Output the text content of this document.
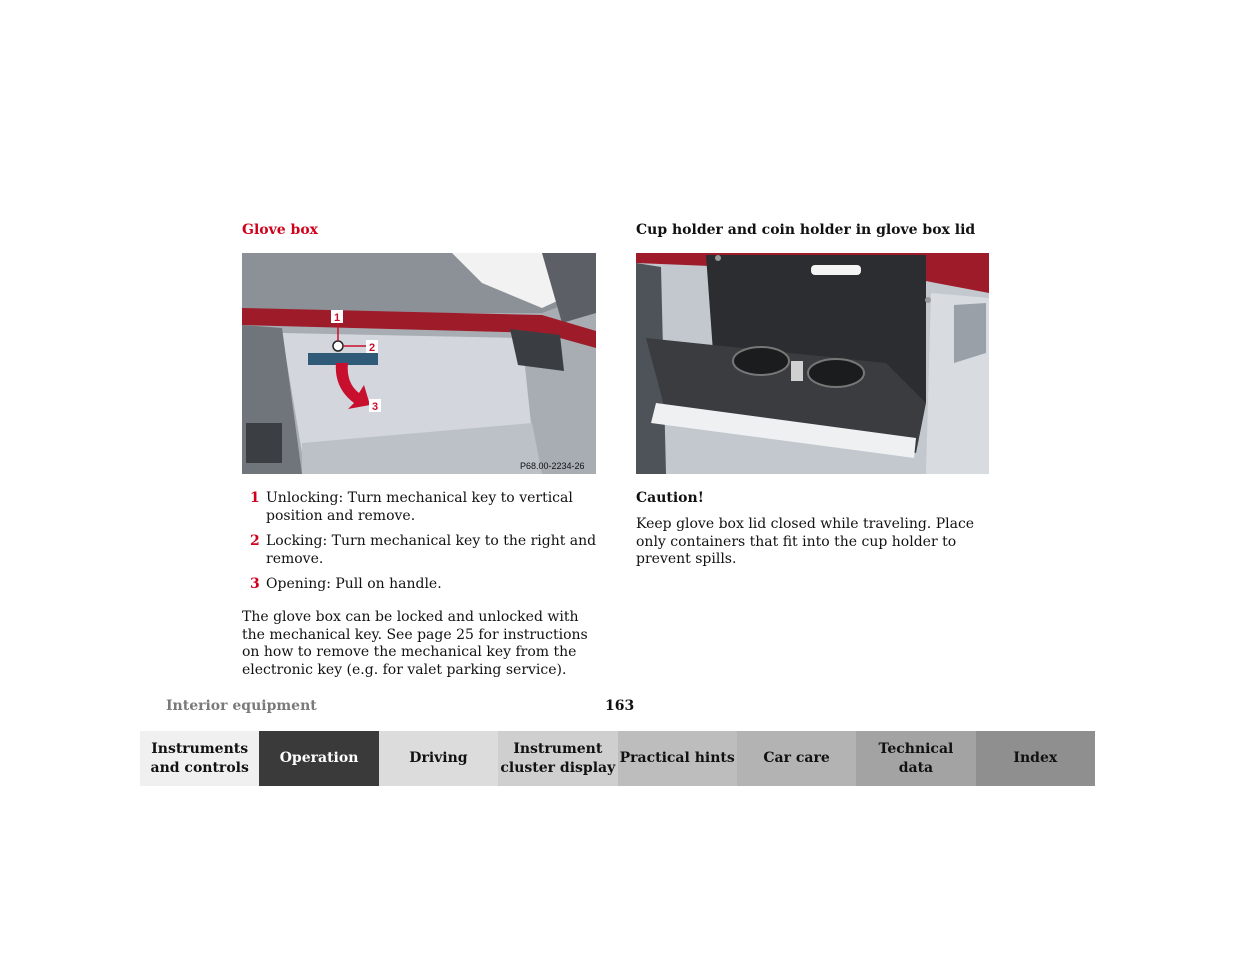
Glove box
1
2
3
P68.00-2234-26
1 Unlocking: Turn mechanical key to vertical position and remove.
2 Locking: Turn mechanical key to the right and remove.
3 Opening: Pull on handle.
The glove box can be locked and unlocked with the mechanical key. See page 25 for instructions on how to remove the mechanical key from the electronic key (e.g. for valet parking service).
Cup holder and coin holder in glove box lid
Caution!
Keep glove box lid closed while traveling. Place only containers that fit into the cup holder to prevent spills.
Interior equipment	163
Instruments
and controls
Operation	Driving
Instrument
cluster display
Practical hints	Car care
Technical
data
Index
